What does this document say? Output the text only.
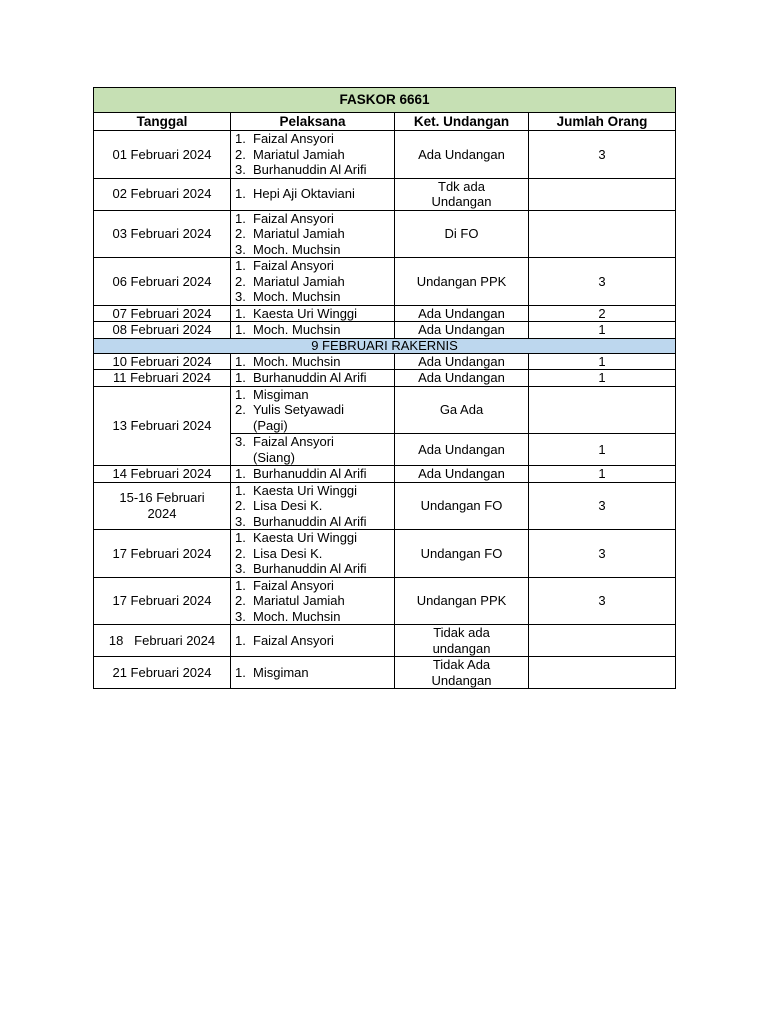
FASKOR 6661			
Tanggal	Pelaksana	Ket. Undangan	Jumlah Orang
01 Februari 2024	1. Faizal Ansyori
2. Mariatul Jamiah
3. Burhanuddin Al Arifi	Ada Undangan	3
02 Februari 2024	1. Hepi Aji Oktaviani	Tdk ada
Undangan	

03 Februari 2024	1. Faizal Ansyori
2. Mariatul Jamiah
3. Moch. Muchsin	Di FO	
06 Februari 2024	1. Faizal Ansyori
2. Mariatul Jamiah
3. Moch. Muchsin	Undangan PPK	3
07 Februari 2024	1. Kaesta Uri Winggi	Ada Undangan	2
08 Februari 2024	1. Moch. Muchsin	Ada Undangan	1
9 FEBRUARI RAKERNIS			
10 Februari 2024	1. Moch. Muchsin	Ada Undangan	1
11 Februari 2024	1. Burhanuddin Al Arifi	Ada Undangan	1
13 Februari 2024	1. Misgiman
2. Yulis Setyawadi
(Pagi)	Ga Ada	

	3. Faizal Ansyori
(Siang)	Ada Undangan	1
14 Februari 2024	1. Burhanuddin Al Arifi	Ada Undangan	1

15-16 Februari
2024	1. Kaesta Uri Winggi
2. Lisa Desi K.
3. Burhanuddin Al Arifi	Undangan FO	3
17 Februari 2024	1. Kaesta Uri Winggi
2. Lisa Desi K.
3. Burhanuddin Al Arifi	Undangan FO	3
17 Februari 2024	1. Faizal Ansyori
2. Mariatul Jamiah
3. Moch. Muchsin	Undangan PPK	3
18   Februari 2024	1. Faizal Ansyori	Tidak ada
undangan	

21 Februari 2024	1. Misgiman	Tidak Ada
Undangan	
